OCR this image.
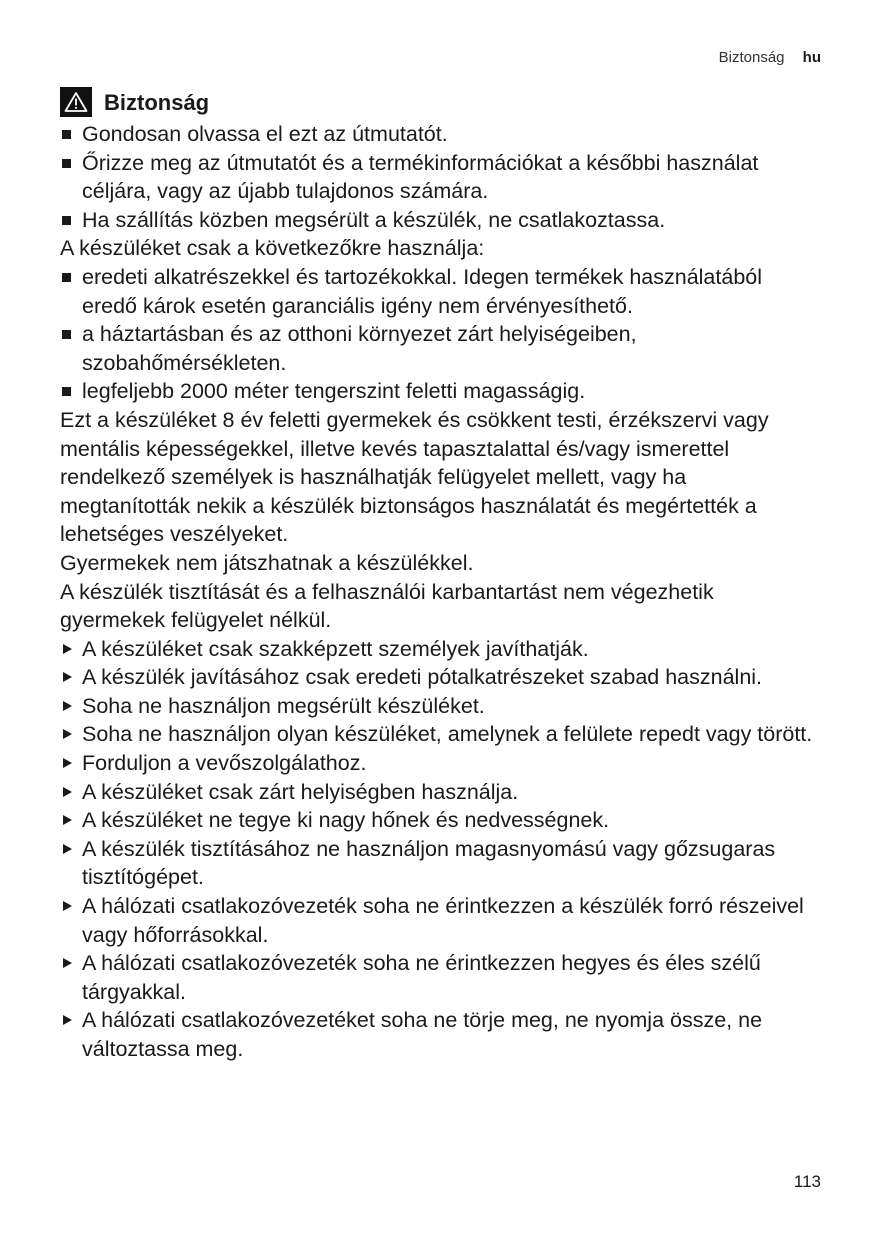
Biztonság hu
Biztonság
Gondosan olvassa el ezt az útmutatót.
Őrizze meg az útmutatót és a termékinformációkat a későbbi használat céljára, vagy az újabb tulajdonos számára.
Ha szállítás közben megsérült a készülék, ne csatlakoztassa.

A készüléket csak a következőkre használja:

eredeti alkatrészekkel és tartozékokkal. Idegen termékek használatából eredő károk esetén garanciális igény nem érvényesíthető.
a háztartásban és az otthoni környezet zárt helyiségeiben, szobahőmérsékleten.
legfeljebb 2000 méter tengerszint feletti magasságig.

Ezt a készüléket 8 év feletti gyermekek és csökkent testi, érzékszervi vagy mentális képességekkel, illetve kevés tapasztalattal és/vagy ismerettel rendelkező személyek is használhatják felügyelet mellett, vagy ha megtanították nekik a készülék biztonságos használatát és megértették a lehetséges veszélyeket.

Gyermekek nem játszhatnak a készülékkel.

A készülék tisztítását és a felhasználói karbantartást nem végezhetik gyermekek felügyelet nélkül.

A készüléket csak szakképzett személyek javíthatják.
A készülék javításához csak eredeti pótalkatrészeket szabad használni.
Soha ne használjon megsérült készüléket.
Soha ne használjon olyan készüléket, amelynek a felülete repedt vagy törött.
Forduljon a vevőszolgálathoz.
A készüléket csak zárt helyiségben használja.
A készüléket ne tegye ki nagy hőnek és nedvességnek.
A készülék tisztításához ne használjon magasnyomású vagy gőzsugaras tisztítógépet.
A hálózati csatlakozóvezeték soha ne érintkezzen a készülék forró részeivel vagy hőforrásokkal.
A hálózati csatlakozóvezeték soha ne érintkezzen hegyes és éles szélű tárgyakkal.
A hálózati csatlakozóvezetéket soha ne törje meg, ne nyomja össze, ne változtassa meg.
113
